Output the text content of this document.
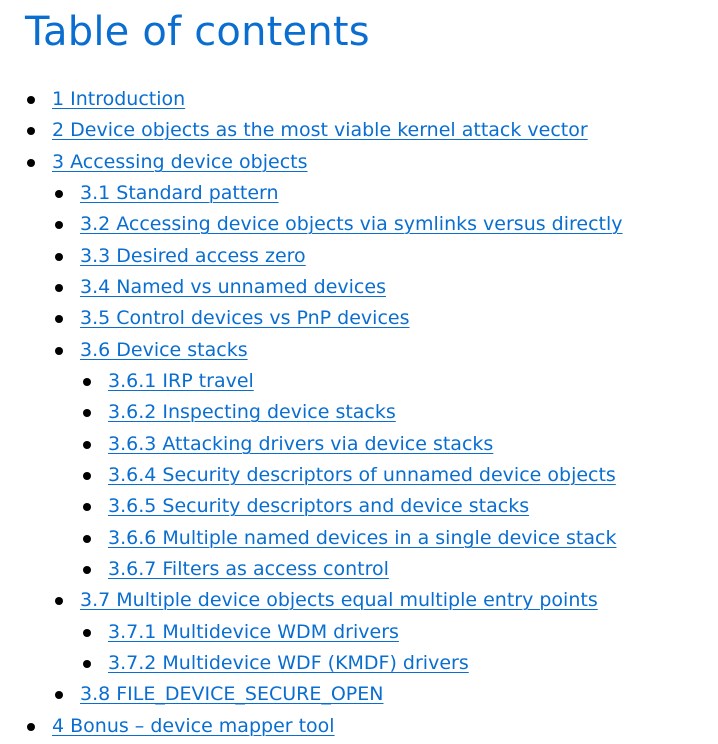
Table of contents
1 Introduction
2 Device objects as the most viable kernel attack vector
3 Accessing device objects
3.1 Standard pattern
3.2 Accessing device objects via symlinks versus directly
3.3 Desired access zero
3.4 Named vs unnamed devices
3.5 Control devices vs PnP devices
3.6 Device stacks
3.6.1 IRP travel
3.6.2 Inspecting device stacks
3.6.3 Attacking drivers via device stacks
3.6.4 Security descriptors of unnamed device objects
3.6.5 Security descriptors and device stacks
3.6.6 Multiple named devices in a single device stack
3.6.7 Filters as access control
3.7 Multiple device objects equal multiple entry points
3.7.1 Multidevice WDM drivers
3.7.2 Multidevice WDF (KMDF) drivers
3.8 FILE_DEVICE_SECURE_OPEN
4 Bonus – device mapper tool
